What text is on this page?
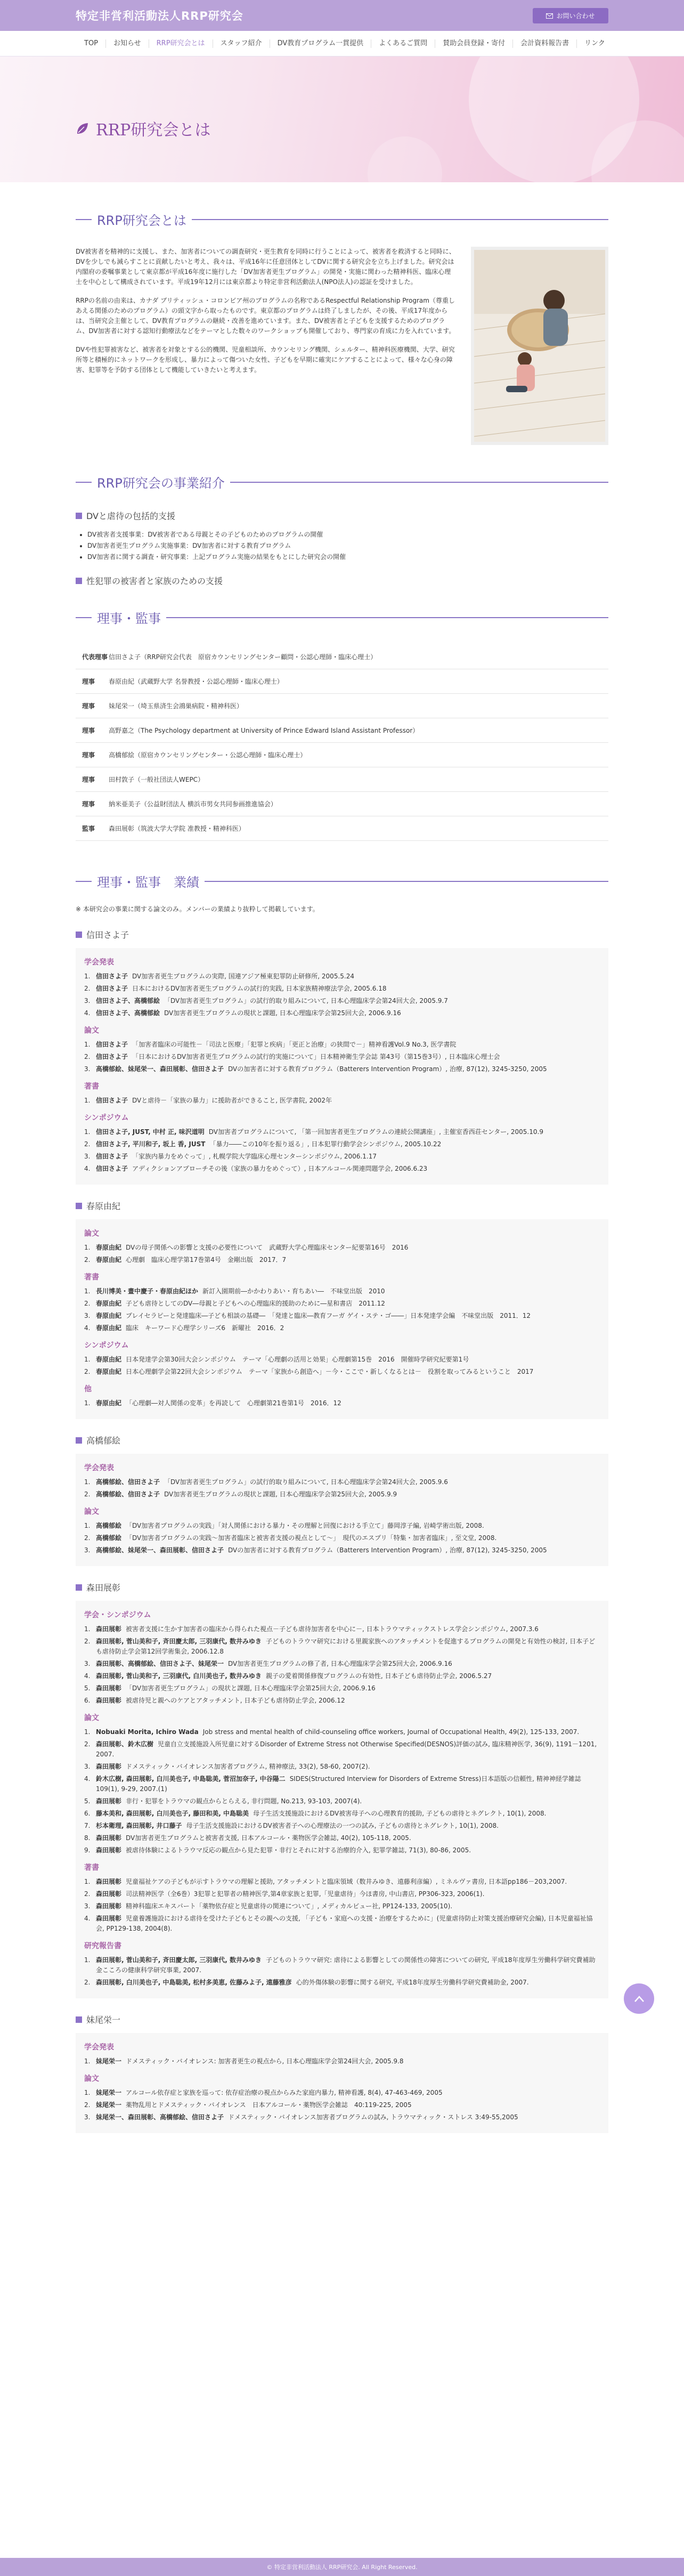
特定非営利活動法人RRP研究会	お問い合わせ
TOP	お知らせ	RRP研究会とは	スタッフ紹介	DV教育プログラム一貫提供	よくあるご質問	賛助会員登録・寄付	会計資料報告書	リンク
RRP研究会とは
RRP研究会とは

DV被害者を精神的に支援し、また、加害者についての調査研究・更生教育を同時に行うことによって、被害者を救済すると同時に、DVを少しでも減らすことに貢献したいと考え、我々は、平成16年に任意団体としてDVに関する研究会を立ち上げました。研究会は内閣府の委嘱事業として東京都が平成16年度に施行した「DV加害者更生プログラム」の開発・実施に関わった精神科医、臨床心理士を中心として構成されています。平成19年12月には東京都より特定非営利活動法人(NPO法人)の認証を受けました。

RRPの名前の由来は、カナダ ブリティッシュ・コロンビア州のプログラムの名称であるRespectful Relationship Program（尊重しあえる関係のためのプログラム）の頭文字から取ったものです。東京都のプログラムは終了しましたが、その後、平成17年度からは、当研究会主催として、DV教育プログラムの継続・改善を進めています。また、DV被害者と子どもを支援するためのプログラム、DV加害者に対する認知行動療法などをテーマとした数々のワークショップも開催しており、専門家の育成に力を入れています。

DVや性犯罪被害など、被害者を対象とする公的機関、児童相談所、カウンセリング機関、シェルター、精神科医療機関、大学、研究所等と積極的にネットワークを形成し、暴力によって傷ついた女性、子どもを早期に確実にケアすることによって、様々な心身の障害、犯罪等を予防する団体として機能していきたいと考えます。

RRP研究会の事業紹介
DVと虐待の包括的支援
• DV被害者支援事業：DV被害者である母親とその子どものためのプログラムの開催
• DV加害者更生プログラム実施事業：DV加害者に対する教育プログラム
• DV加害者に関する調査・研究事業：上記プログラム実施の結果をもとにした研究会の開催
性犯罪の被害者と家族のための支援
理事・監事
代表理事 信田さよ子（RRP研究会代表　原宿カウンセリングセンター顧問・公認心理師・臨床心理士）
理事	春原由紀（武蔵野大学 名誉教授・公認心理師・臨床心理士）
理事	妹尾栄一（埼玉県済生会鴻巣病院・精神科医）
理事	高野嘉之（The Psychology department at University of Prince Edward Island Assistant Professor）
理事	高橋郁絵（原宿カウンセリングセンター・公認心理師・臨床心理士）
理事	田村敦子（一般社団法人WEPC）
理事	納米亜美子（公益財団法人 横浜市男女共同参画推進協会）
監事	森田展彰（筑波大学大学院 准教授・精神科医）
理事・監事　業績
※ 本研究会の事業に関する論文のみ。メンバーの業績より抜粋して掲載しています。
信田さよ子
学会発表
1. 信田さよ子 DV加害者更生プログラムの実際, 国連アジア極東犯罪防止研修所, 2005.5.24
2. 信田さよ子 日本におけるDV加害者更生プログラムの試行的実践, 日本家族精神療法学会, 2005.6.18
3. 信田さよ子、高橋郁絵 「DV加害者更生プログラム」の試行的取り組みについて, 日本心理臨床学会第24回大会, 2005.9.7
4. 信田さよ子、高橋郁絵 DV加害者更生プログラムの現状と課題, 日本心理臨床学会第25回大会, 2006.9.16
論文
1. 信田さよ子 「加害者臨床の可能性－「司法と医療」「犯罪と疾病」「更正と治療」の狭間で－」精神看護Vol.9 No.3, 医学書院
2. 信田さよ子 「日本におけるDV加害者更生プログラムの試行的実施について」日本精神衛生学会誌 第43号（第15巻3号）, 日本臨床心理士会
3. 高橋郁絵、妹尾栄一、森田展彰、信田さよ子 DVの加害者に対する教育プログラム（Batterers Intervention Program）, 治療, 87(12), 3245-3250, 2005
著書
1. 信田さよ子 DVと虐待－「家族の暴力」に援助者ができること, 医学書院, 2002年
シンポジウム
1. 信田さよ子, JUST, 中村 正, 味沢道明 DV加害者プログラムについて, 「第一回加害者更生プログラムの連続公開講座」, 主催室香西荘センター, 2005.10.9
2. 信田さよ子, 平川和子, 坂上 香, JUST 「暴力――この10年を振り返る」, 日本犯罪行動学会シンポジウム, 2005.10.22
3. 信田さよ子 「家族内暴力をめぐって」, 札幌学院大学臨床心理センターシンポジウム, 2006.1.17
4. 信田さよ子 アディクションアプローチその後（家族の暴力をめぐって）, 日本アルコール関連問題学会, 2006.6.23
春原由紀
論文
1. 春原由紀 DVの母子関係への影響と支援の必要性について　武蔵野大学心理臨床センター紀要第16号　2016
2. 春原由紀 心理劇　臨床心理学第17巻第4号　金剛出版　2017．7
著書
1. 長川博美・晝中慶子・春原由紀ほか 新訂入園期前―かかわりあい・育ちあい―　不味堂出版　2010
2. 春原由紀 子ども虐待としてのDV―母親と子どもへの心理臨床的援助のために―星和書店　2011.12
3. 春原由紀 プレイセラピーと発達臨床―子ども相談の基礎―　「発達と臨床―教育フーガ ゲイ・ステ・ゴ――」日本発達学会編　不味堂出版　2011．12
4. 春原由紀 臨床　キーワード心理学シリーズ6　新曜社　2016．2
シンポジウム
1. 春原由紀 日本発達学会第30回大会シンポジウム　テーマ「心理劇の活用と効果」心理劇第15巻　2016　開催時学研究紀要第1号
2. 春原由紀 日本心理劇学会第22回大会シンポジウム　テーマ「家族から創造へ」－今・ここで・新しくなるとは－　役割を取ってみるということ　2017
他
1. 春原由紀 「心理劇―対人関係の変革」を再読して　心理劇第21巻第1号　2016．12
高橋郁絵
学会発表
1. 高橋郁絵、信田さよ子 「DV加害者更生プログラム」の試行的取り組みについて, 日本心理臨床学会第24回大会, 2005.9.6
2. 高橋郁絵、信田さよ子 DV加害者更生プログラムの現状と課題, 日本心理臨床学会第25回大会, 2005.9.9
論文
1. 高橋郁絵 「DV加害者プログラムの実践」「対人関係における暴力・その理解と回復における手立て」藤岡淳子編, 岩崎学術出版, 2008.
2. 高橋郁絵 「DV加害者プログラムの実践～加害者臨床と被害者支援の視点として～」　現代のエスプリ「特集・加害者臨床」, 至文堂, 2008.
3. 高橋郁絵、妹尾栄一、森田展彰、信田さよ子 DVの加害者に対する教育プログラム（Batterers Intervention Program）, 治療, 87(12), 3245-3250, 2005
森田展彰
学会・シンポジウム
1. 森田展彰 被害者支援に生かす加害者の臨床から得られた視点－子ども虐待加害者を中心に－, 日本トラウマティックストレス学会シンポジウム, 2007.3.6
2. 森田展彰, 菅山美和子, 斉田慶太郎, 三羽康代, 数井みゆき 子どものトラウマ研究における里親家族へのアタッチメントを促進するプログラムの開発と有効性の検討, 日本子ども虐待防止学会第12回学術集会, 2006.12.8
3. 森田展彰、高橋郁絵、信田さよ子、妹尾栄一 DV加害者更生プログラムの修了者, 日本心理臨床学会第25回大会, 2006.9.16
4. 森田展彰, 菅山美和子, 三羽康代, 白川美也子, 数井みゆき 親子の愛着関係修復プログラムの有効性, 日本子ども虐待防止学会, 2006.5.27
5. 森田展彰 「DV加害者更生プログラム」の現状と課題, 日本心理臨床学会第25回大会, 2006.9.16
6. 森田展彰 被虐待児と親へのケアとアタッチメント, 日本子ども虐待防止学会, 2006.12
論文
1. Nobuaki Morita, Ichiro Wada Job stress and mental health of child-counseling office workers, Journal of Occupational Health, 49(2), 125-133, 2007.
2. 森田展彰、鈴木広樹 児童自立支援施設入所児童に対するDisorder of Extreme Stress not Otherwise Specified(DESNOS)評価の試み, 臨床精神医学, 36(9), 1191－1201, 2007.
3. 森田展彰 ドメスティック・バイオレンス加害者プログラム, 精神療法, 33(2), 58-60, 2007(2).
4. 鈴木広樹, 森田展彰, 白川美也子, 中島聡美, 菅沼加奈子, 中谷陽二 SIDES(Structured Interview for Disorders of Extreme Stress)日本語版の信頼性, 精神神経学雑誌109(1), 9-29, 2007.(1)
5. 森田展彰 非行・犯罪をトラウマの観点からとらえる, 非行問題, No.213, 93-103, 2007(4).
6. 藤本美和, 森田展彰, 白川美也子, 藤田和美, 中島聡美 母子生活支援施設におけるDV被害母子への心理教育的援助, 子どもの虐待とネグレクト, 10(1), 2008.
7. 杉本衛理, 森田展彰, 井口藤子 母子生活支援施設におけるDV被害者子への心理療法の一つの試み, 子どもの虐待とネグレクト, 10(1), 2008.
8. 森田展彰 DV加害者更生プログラムと被害者支援, 日本アルコール・薬物医学会雑誌, 40(2), 105-118, 2005.
9. 森田展彰 被虐待体験によるトラウマ反応の観点から見た犯罪・非行とそれに対する治療的介入, 犯罪学雑誌, 71(3), 80-86, 2005.
著書
1. 森田展彰 児童福祉ケアの子どもが示すトラウマの理解と援助, アタッチメントと臨床領域（数井みゆき、遠藤利彦編）, ミネルヴァ書房, 日本語pp186－203,2007.
2. 森田展彰 司法精神医学（全6巻）3犯罪と犯罪者の精神医学,第4章家族と犯罪,「児童虐待」今ほ書房, 中山書店, PP306-323, 2006(1).
3. 森田展彰 精神科臨床エキスパート「薬物依存症と児童虐待の関連について」, メディカルビュー社, PP124-133, 2005(10).
4. 森田展彰 児童養護施設における虐待を受けた子どもとその親への支援, 「子ども・家庭への支援・治療をするために」(児童虐待防止対策支援治療研究会編), 日本児童福祉協会, PP129-138, 2004(8).
研究報告書
1. 森田展彰, 菅山美和子, 斉田慶太郎, 三羽康代, 数井みゆき 子どものトラウマ研究: 虐待による影響としての関係性の障害についての研究, 平成18年度厚生労働科学研究費補助金こころの健康科学研究事業, 2007.
2. 森田展彰, 白川美也子, 中島聡美, 松村多美恵, 佐藤みよ子, 遠藤雅彦 心的外傷体験の影響に関する研究, 平成18年度厚生労働科学研究費補助金, 2007.
妹尾栄一
学会発表
1. 妹尾栄一 ドメスティック・バイオレンス: 加害者更生の視点から, 日本心理臨床学会第24回大会, 2005.9.8
論文
1. 妹尾栄一 アルコール依存症と家族を巡って: 依存症治療の視点からみた家庭内暴力, 精神看護, 8(4), 47-463-469, 2005
2. 妹尾栄一 薬物乱用とドメスティック・バイオレンス　日本アルコール・薬物医学会雑誌　40:119-225, 2005
3. 妹尾栄一、森田展彰、高橋郁絵、信田さよ子 ドメスティック・バイオレンス加害者プログラムの試み, トラウマティック・ストレス 3:49-55,2005
© 特定非営利活動法人 RRP研究会. All Right Reserved.
